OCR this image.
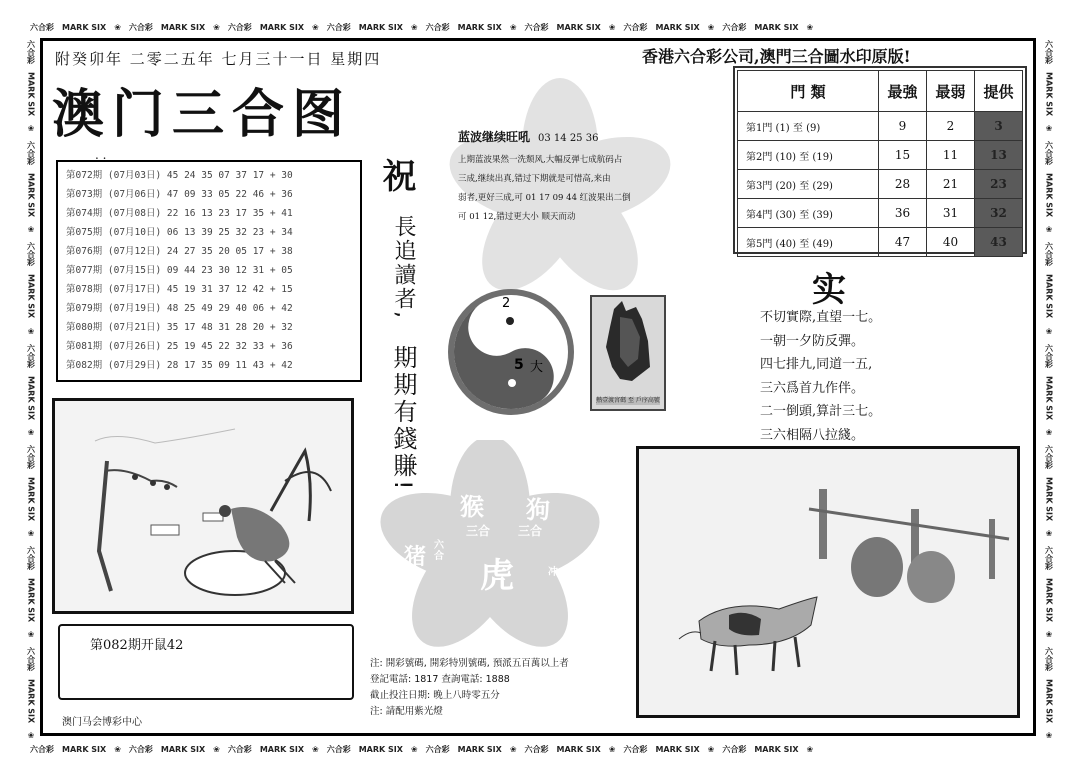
六合彩 MARK SIX ❀ 六合彩 MARK SIX ❀ 六合彩 MARK SIX ❀ 六合彩 MARK SIX ❀ 六合彩 MARK SIX ❀ 六合彩 MARK SIX ❀ 六合彩 MARK SIX ❀ 六合彩 MARK SIX ❀
六合彩 MARK SIX ❀ 六合彩 MARK SIX ❀ 六合彩 MARK SIX ❀ 六合彩 MARK SIX ❀ 六合彩 MARK SIX ❀ 六合彩 MARK SIX ❀ 六合彩 MARK SIX ❀ 六合彩 MARK SIX ❀
六合彩
MARK SIX
❀
六合彩
MARK SIX
❀
六合彩
MARK SIX
❀
六合彩
MARK SIX
❀
六合彩
MARK SIX
❀
六合彩
MARK SIX
❀
六合彩
MARK SIX
❀
六合彩
MARK SIX
❀
六合彩
MARK SIX
❀
六合彩
MARK SIX
❀
六合彩
MARK SIX
❀
六合彩
MARK SIX
❀
六合彩
MARK SIX
❀
六合彩
MARK SIX
❀
附癸卯年 二零二五年 七月三十一日 星期四	香港六合彩公司,澳門三合圖水印原版!
澳门三合图
. .
第072期 (07月03日) 45 24 35 07 37 17 + 30
第073期 (07月06日) 47 09 33 05 22 46 + 36
第074期 (07月08日) 22 16 13 23 17 35 + 41
第075期 (07月10日) 06 13 39 25 32 23 + 34
第076期 (07月12日) 24 27 35 20 05 17 + 38
第077期 (07月15日) 09 44 23 30 12 31 + 05
第078期 (07月17日) 45 19 31 37 12 42 + 15
第079期 (07月19日) 48 25 49 29 40 06 + 42
第080期 (07月21日) 35 17 48 31 28 20 + 32
第081期 (07月26日) 25 19 45 22 32 33 + 36
第082期 (07月29日) 28 17 35 09 11 43 + 42
祝
長追讀者,
期期有錢賺!
蓝波继续旺吼 03 14 25 36
上期蓝波果然一洗颓风,大幅反弹七成航码占
三成,继续出真,错过下期就是可惜高,来由
弱者,更好三成,可 01 17 09 44 红波果出二倒
可 01 12,错过更大小 顺天而动
2
5 大
熱壹渡宮碼 至 戶序高號
猴 狗
三合 三合
猪 六合 虎	冲 牛
門 類	最強	最弱	提供
第1門 (1) 至 (9)	9	2	3
第2門 (10) 至 (19)	15	11	13
第3門 (20) 至 (29)	28	21	23
第4門 (30) 至 (39)	36	31	32
第5門 (40) 至 (49)	47	40	43
实
不切實際,直望一七。
一朝一夕防反彈。
四七排九,同道一五,
三六爲首九作伴。
二一倒頭,算計三七。
三六相隔八拉綫。
第082期开鼠42
澳门马会博彩中心
注: 開彩號碼, 開彩特別號碼, 預派五百萬以上者
登記電話: 1817 查詢電話: 1888
截止投注日期: 晚上八時零五分
注: 請配用紫光燈
